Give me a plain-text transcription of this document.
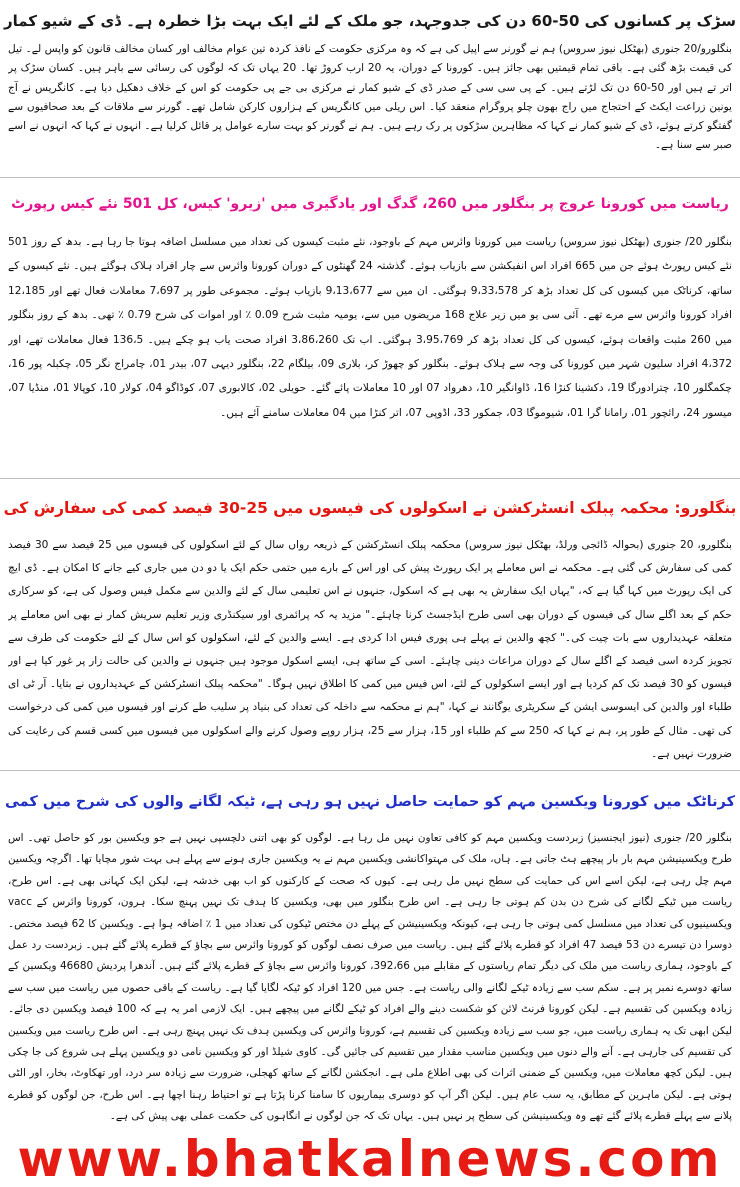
سڑک پر کسانوں کی 50-60 دن کی جدوجہد، جو ملک کے لئے ایک بہت بڑا خطرہ ہے۔ ڈی کے شیو کمار

بنگلورو/20 جنوری (بھٹکل نیوز سروس) ہم نے گورنر سے اپیل کی ہے کہ وہ مرکزی حکومت کے نافذ کردہ تین عوام مخالف اور کسان مخالف قانون کو واپس لے۔ تیل کی قیمت بڑھ گئی ہے۔ باقی تمام قیمتیں بھی جائز ہیں۔ کورونا کے دوران، یہ 20 ارب کروڑ تھا۔ 20 یہاں تک کہ لوگوں کی رسائی سے باہر ہیں۔ کسان سڑک پر اتر تے ہیں اور 50-60 دن تک لڑتے ہیں۔ کے پی سی سی کے صدر ڈی کے شیو کمار نے مرکزی بی جے پی حکومت کو اس کے خلاف دھکیل دیا ہے۔ کانگریس نے آج یونین زراعت ایکٹ کے احتجاج میں راج بھون چلو پروگرام منعقد کیا۔ اس ریلی میں کانگریس کے ہزاروں کارکن شامل تھے۔ گورنر سے ملاقات کے بعد صحافیوں سے گفتگو کرتے ہوئے، ڈی کے شیو کمار نے کہا کہ مظاہرین سڑکوں پر رک رہے ہیں۔ ہم نے گورنر کو بہت سارے عوامل پر قائل کرلیا ہے۔ انہوں نے کہا کہ انہوں نے اسے صبر سے سنا ہے۔

ریاست میں کورونا عروج پر بنگلور میں 260، گدگ اور یادگیری میں 'زیرو' کیس، کل 501 نئے کیس رپورٹ

بنگلور 20/ جنوری (بھٹکل نیوز سروس) ریاست میں کورونا وائرس مہم کے باوجود، نئے مثبت کیسوں کی تعداد میں مسلسل اضافہ ہوتا جا رہا ہے۔ بدھ کے روز 501 نئے کیس رپورٹ ہوئے جن میں 665 افراد اس انفیکشن سے بازیاب ہوئے۔ گذشتہ 24 گھنٹوں کے دوران کورونا وائرس سے چار افراد ہلاک ہوگئے ہیں۔ نئے کیسوں کے ساتھ، کرناٹک میں کیسوں کی کل تعداد بڑھ کر 9،33،578 ہوگئی۔ ان میں سے 9،13،677 بازیاب ہوئے۔ مجموعی طور پر 7،697 معاملات فعال تھے اور 12،185 افراد کورونا وائرس سے مرے تھے۔ آئی سی یو میں زیر علاج 168 مریضوں میں سے، یومیہ مثبت شرح 0.09 ٪ اور اموات کی شرح 0.79 ٪ تھی۔ بدھ کے روز بنگلور میں 260 مثبت واقعات ہوئے، کیسوں کی کل تعداد بڑھ کر 3،95،769 ہوگئی۔ اب تک 3،86،260 افراد صحت یاب ہو چکے ہیں۔ 136،5 فعال معاملات تھے، اور 4،372 افراد سلیون شہر میں کورونا کی وجہ سے ہلاک ہوئے۔ بنگلور کو چھوڑ کر، بلاری 09، بیلگام 22، بنگلور دیہی 07، بیدر 01، چامراج نگر 05، چکبلہ پور 16، چکمگلور 10، چترادورگا 19، دکشینا کنڑا 16، ڈاوانگیر 10، دھرواد 07 اور 10 معاملات پائے گئے۔ حویلی 02، کالابوری 07، کوڈاگو 04، کولار 10، کوپالا 01، منڈیا 07، میسور 24، رائچور 01، رامانا گرا 01، شیوموگا 03، جمکور 33، اڈوپی 07، اتر کنڑا میں 04 معاملات سامنے آئے ہیں۔

بنگلورو: محکمہ پبلک انسٹرکشن نے اسکولوں کی فیسوں میں 25-30 فیصد کمی کی سفارش کی

بنگلورو، 20 جنوری (بحوالہ ڈائجی ورلڈ، بھٹکل نیوز سروس) محکمہ پبلک انسٹرکشن کے ذریعہ رواں سال کے لئے اسکولوں کی فیسوں میں 25 فیصد سے 30 فیصد کمی کی سفارش کی گئی ہے۔ محکمہ نے اس معاملے پر ایک رپورٹ پیش کی اور اس کے بارے میں حتمی حکم ایک یا دو دن میں جاری کیے جانے کا امکان ہے۔ ڈی ایچ کی ایک رپورٹ میں کہا گیا ہے کہ، "یہاں ایک سفارش یہ بھی ہے کہ اسکول، جنہوں نے اس تعلیمی سال کے لئے والدین سے مکمل فیس وصول کی ہے، کو سرکاری حکم کے بعد اگلے سال کی فیسوں کے دوران بھی اسی طرح ایڈجسٹ کرنا چاہئے۔" مزید یہ کہ پرائمری اور سیکنڈری وزیر تعلیم سریش کمار نے بھی اس معاملے پر متعلقہ عہدیداروں سے بات چیت کی۔" کچھ والدین نے پہلے ہی پوری فیس ادا کردی ہے۔ ایسے والدین کے لئے، اسکولوں کو اس سال کے لئے حکومت کی طرف سے تجویز کردہ اسی فیصد کے اگلے سال کے دوران مراعات دینی چاہئے۔ اسی کے ساتھ ہی، ایسے اسکول موجود ہیں جنہوں نے والدین کی حالت زار پر غور کیا ہے اور فیسوں کو 30 فیصد تک کم کردیا ہے اور ایسے اسکولوں کے لئے، اس فیس میں کمی کا اطلاق نہیں ہوگا۔ "محکمہ پبلک انسٹرکشن کے عہدیداروں نے بتایا۔ آر ٹی ای طلباء اور والدین کی ایسوسی ایشن کے سکریٹری یوگانند نے کہا، "ہم نے محکمہ سے داخلہ کی تعداد کی بنیاد پر سلیب طے کرنے اور فیسوں میں کمی کی درخواست کی تھی۔ مثال کے طور پر، ہم نے کہا کہ 250 سے کم طلباء اور 15، ہزار سے 25، ہزار روپے وصول کرنے والے اسکولوں میں فیسوں میں کسی قسم کی رعایت کی ضرورت نہیں ہے۔

کرناٹک میں کورونا ویکسین مہم کو حمایت حاصل نہیں ہو رہی ہے، ٹیکہ لگانے والوں کی شرح میں کمی

بنگلور 20/ جنوری (نیوز ایجنسیز) زبردست ویکسین مہم کو کافی تعاون نہیں مل رہا ہے۔ لوگوں کو بھی اتنی دلچسپی نہیں ہے جو ویکسین بور کو حاصل تھی۔ اس طرح ویکسینیشن مہم بار بار پیچھے ہٹ جاتی ہے۔ ہاں، ملک کی مہتواکانشی ویکسین مہم نے یہ ویکسین جاری ہونے سے پہلے ہی بہت شور مچایا تھا۔ اگرچہ ویکسین مہم چل رہی ہے، لیکن اسے اس کی حمایت کی سطح نہیں مل رہی ہے۔ کیوں کہ صحت کے کارکنوں کو اب بھی خدشہ ہے، لیکن ایک کہانی بھی ہے۔ اس طرح، ریاست میں ٹیکے لگانے کی شرح دن بدن کم ہوتی جا رہی ہے۔ اس طرح بنگلور میں بھی، ویکسین کا ہدف تک نہیں پہنچ سکا۔ ہرون، کورونا وائرس کے vacc ویکسینیوں کی تعداد میں مسلسل کمی ہوتی جا رہی ہے، کیونکہ ویکسینیشن کے پہلے دن مختص ٹیکوں کی تعداد میں 1 ٪ اضافہ ہوا ہے۔ ویکسین کا 62 فیصد مختص۔ دوسرا دن تیسرے دن 53 فیصد 47 افراد کو قطرے پلائے گئے ہیں۔ ریاست میں صرف نصف لوگوں کو کورونا وائرس سے بچاؤ کے قطرے پلائے گئے ہیں۔ زبردست رد عمل کے باوجود، ہماری ریاست میں ملک کی دیگر تمام ریاستوں کے مقابلے میں 392،66، کورونا وائرس سے بچاؤ کے قطرے پلائے گئے ہیں۔ آندھرا پردیش 46680 ویکسین کے ساتھ دوسرے نمبر پر ہے۔ سکم سب سے زیادہ ٹیکے لگانے والی ریاست ہے۔ جس میں 120 افراد کو ٹیکہ لگایا گیا ہے۔ ریاست کے باقی حصوں میں ریاست میں سب سے زیادہ ویکسین کی تقسیم ہے۔ لیکن کورونا فرنٹ لائن کو شکست دینے والے افراد کو ٹیکے لگانے میں پیچھے ہیں۔ ایک لازمی امر یہ ہے کہ 100 فیصد ویکسین دی جائے۔ لیکن ابھی تک یہ ہماری ریاست میں، جو سب سے زیادہ ویکسین کی تقسیم ہے، کورونا وائرس کی ویکسین ہدف تک نہیں پہنچ رہی ہے۔ اس طرح ریاست میں ویکسین کی تقسیم کی جارہی ہے۔ آنے والے دنوں میں ویکسین مناسب مقدار میں تقسیم کی جائیں گی۔ کاوی شیلڈ اور کو ویکسین نامی دو ویکسین پہلے ہی شروع کی جا چکی ہیں۔ لیکن کچھ معاملات میں، ویکسین کے ضمنی اثرات کی بھی اطلاع ملی ہے۔ انجکشن لگانے کے ساتھ کھجلی، ضرورت سے زیادہ سر درد، اور تھکاوٹ، بخار، اور الٹی ہوتی ہے۔ لیکن ماہرین کے مطابق، یہ سب عام ہیں۔ لیکن اگر آپ کو دوسری بیماریوں کا سامنا کرنا پڑتا ہے تو احتیاط رہنا اچھا ہے۔ اس طرح، جن لوگوں کو قطرے پلانے سے پہلے قطرے پلائے گئے تھے وہ ویکسینیشن کی سطح پر نہیں ہیں۔ یہاں تک کہ جن لوگوں نے انگاہوں کی حکمت عملی بھی پیش کی ہے۔

www.bhatkalnews.com
